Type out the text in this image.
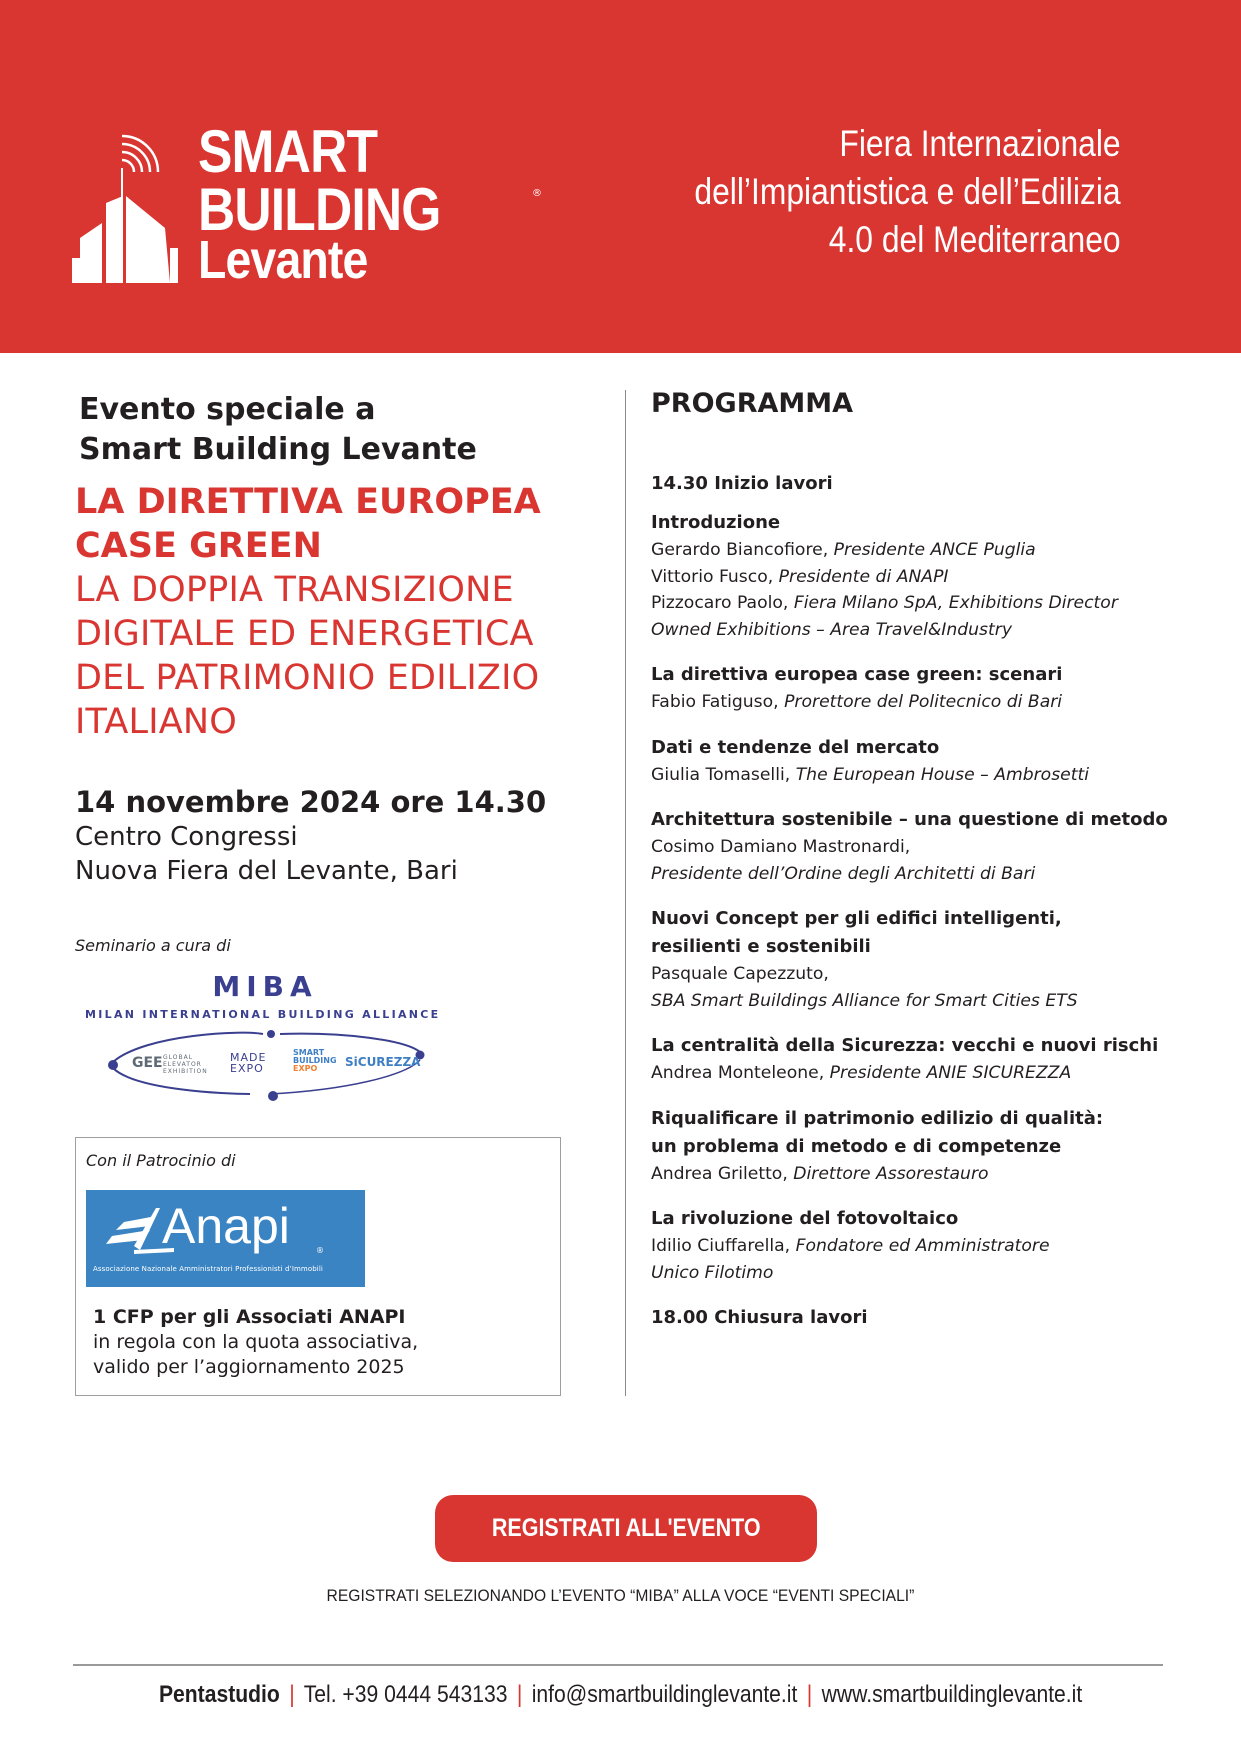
SMART
BUILDING
Levante
®
Fiera Internazionale
dell’Impiantistica e dell’Edilizia
4.0 del Mediterraneo
Evento speciale a
Smart Building Levante
LA DIRETTIVA EUROPEA
CASE GREEN
LA DOPPIA TRANSIZIONE
DIGITALE ED ENERGETICA
DEL PATRIMONIO EDILIZIO
ITALIANO
14 novembre 2024 ore 14.30
Centro Congressi
Nuova Fiera del Levante, Bari
Seminario a cura di
MIBA
MILAN INTERNATIONAL BUILDING ALLIANCE
GEE GLOBAL
ELEVATOR
EXHIBITION
MADE
EXPO
SMART
BUILDING
EXPO	SiCUREZZA
Con il Patrocinio di
Anapi	®
Associazione Nazionale Amministratori Professionisti d’Immobili
1 CFP per gli Associati ANAPI
in regola con la quota associativa,
valido per l’aggiornamento 2025
PROGRAMMA
14.30 Inizio lavori
Introduzione
Gerardo Biancofiore, Presidente ANCE Puglia
Vittorio Fusco, Presidente di ANAPI
Pizzocaro Paolo, Fiera Milano SpA, Exhibitions Director
Owned Exhibitions – Area Travel&Industry
La direttiva europea case green: scenari
Fabio Fatiguso, Prorettore del Politecnico di Bari
Dati e tendenze del mercato
Giulia Tomaselli, The European House – Ambrosetti
Architettura sostenibile – una questione di metodo
Cosimo Damiano Mastronardi,
Presidente dell’Ordine degli Architetti di Bari
Nuovi Concept per gli edifici intelligenti,
resilienti e sostenibili
Pasquale Capezzuto,
SBA Smart Buildings Alliance for Smart Cities ETS
La centralità della Sicurezza: vecchi e nuovi rischi
Andrea Monteleone, Presidente ANIE SICUREZZA
Riqualificare il patrimonio edilizio di qualità:
un problema di metodo e di competenze
Andrea Griletto, Direttore Assorestauro
La rivoluzione del fotovoltaico
Idilio Ciuffarella, Fondatore ed Amministratore
Unico Filotimo
18.00 Chiusura lavori
REGISTRATI ALL'EVENTO
REGISTRATI SELEZIONANDO L’EVENTO “MIBA” ALLA VOCE “EVENTI SPECIALI”
Pentastudio | Tel. +39 0444 543133 | info@smartbuildinglevante.it | www.smartbuildinglevante.it
